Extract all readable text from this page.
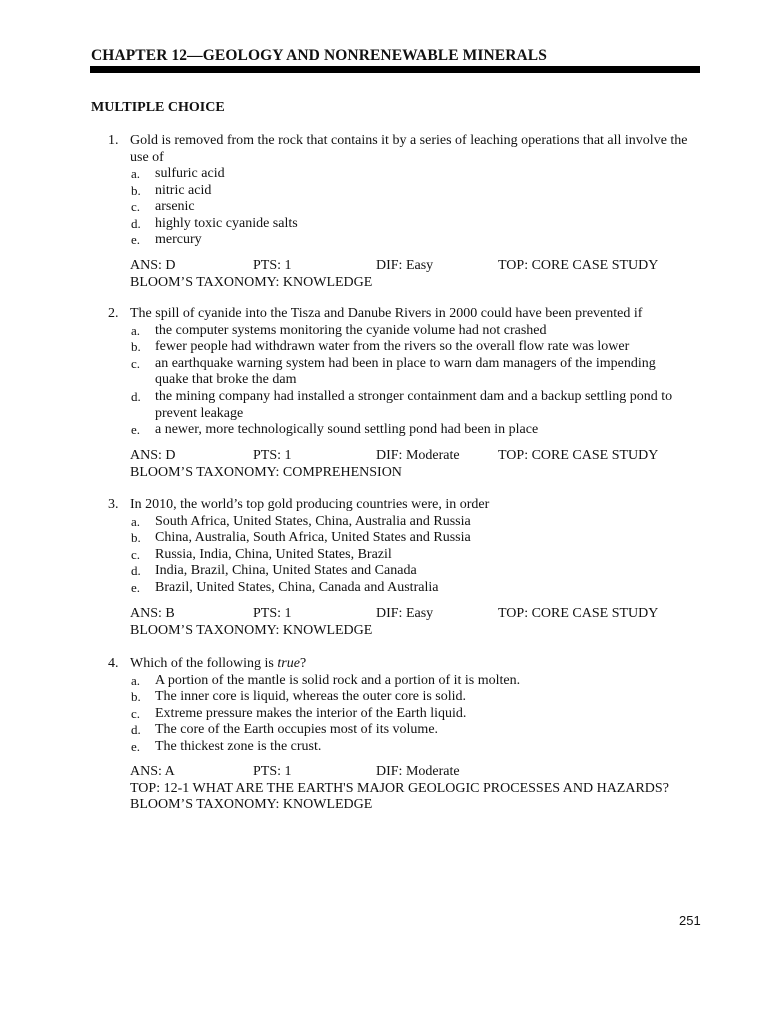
CHAPTER 12—GEOLOGY AND NONRENEWABLE MINERALS
MULTIPLE CHOICE
1. Gold is removed from the rock that contains it by a series of leaching operations that all involve the use of
a. sulfuric acid
b. nitric acid
c. arsenic
d. highly toxic cyanide salts
e. mercury
ANS: D	PTS: 1	DIF: Easy	TOP: CORE CASE STUDY
BLOOM’S TAXONOMY: KNOWLEDGE
2. The spill of cyanide into the Tisza and Danube Rivers in 2000 could have been prevented if
a. the computer systems monitoring the cyanide volume had not crashed
b. fewer people had withdrawn water from the rivers so the overall flow rate was lower
c. an earthquake warning system had been in place to warn dam managers of the impending quake that broke the dam
d. the mining company had installed a stronger containment dam and a backup settling pond to prevent leakage
e. a newer, more technologically sound settling pond had been in place
ANS: D	PTS: 1	DIF: Moderate	TOP: CORE CASE STUDY
BLOOM’S TAXONOMY: COMPREHENSION
3. In 2010, the world’s top gold producing countries were, in order
a. South Africa, United States, China, Australia and Russia
b. China, Australia, South Africa, United States and Russia
c. Russia, India, China, United States, Brazil
d. India, Brazil, China, United States and Canada
e. Brazil, United States, China, Canada and Australia
ANS: B	PTS: 1	DIF: Easy	TOP: CORE CASE STUDY
BLOOM’S TAXONOMY: KNOWLEDGE
4. Which of the following is true?
a. A portion of the mantle is solid rock and a portion of it is molten.
b. The inner core is liquid, whereas the outer core is solid.
c. Extreme pressure makes the interior of the Earth liquid.
d. The core of the Earth occupies most of its volume.
e. The thickest zone is the crust.
ANS: A	PTS: 1	DIF: Moderate
TOP: 12-1 WHAT ARE THE EARTH'S MAJOR GEOLOGIC PROCESSES AND HAZARDS?
BLOOM’S TAXONOMY: KNOWLEDGE
251
